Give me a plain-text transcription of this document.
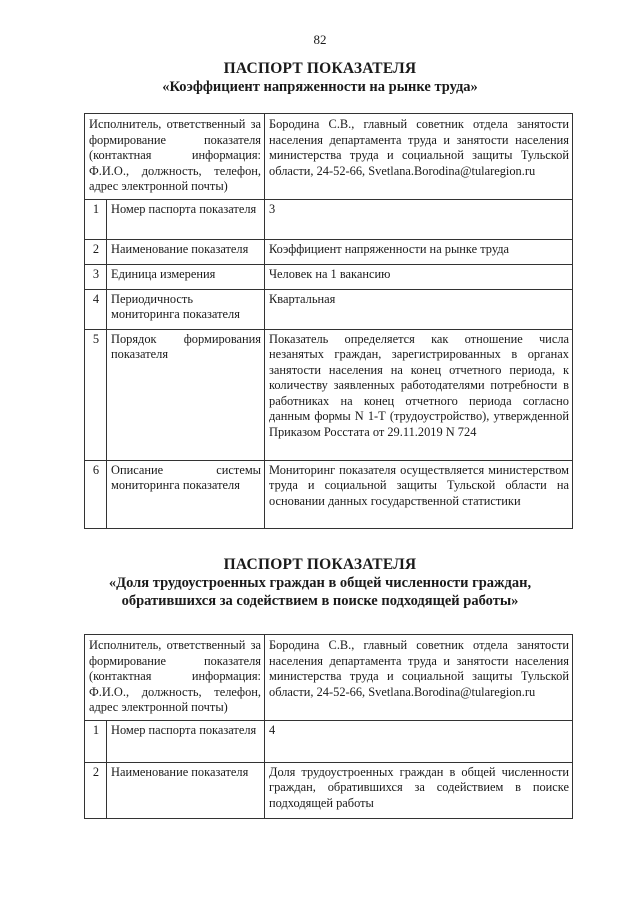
82
ПАСПОРТ ПОКАЗАТЕЛЯ
«Коэффициент напряженности на рынке труда»
Исполнитель, ответственный за формирование показателя (контактная информация: Ф.И.О., должность, телефон, адрес электронной почты)		Бородина С.В., главный советник отдела занятости населения департамента труда и занятости населения министерства труда и социальной защиты Тульской области, 24-52-66, Svetlana.Borodina@tularegion.ru
1	Номер паспорта показателя	3
2	Наименование показателя	Коэффициент напряженности на рынке труда
3	Единица измерения	Человек на 1 вакансию
4	Периодичность мониторинга показателя	Квартальная
5	Порядок формирования показателя	Показатель определяется как отношение числа незанятых граждан, зарегистрированных в органах занятости населения на конец отчетного периода, к количеству заявленных работодателями потребности в работниках на конец отчетного периода согласно данным формы N 1-Т (трудоустройство), утвержденной Приказом Росстата от 29.11.2019 N 724
6	Описание системы мониторинга показателя	Мониторинг показателя осуществляется министерством труда и социальной защиты Тульской области на основании данных государственной статистики
ПАСПОРТ ПОКАЗАТЕЛЯ
«Доля трудоустроенных граждан в общей численности граждан,
обратившихся за содействием в поиске подходящей работы»
Исполнитель, ответственный за формирование показателя (контактная информация: Ф.И.О., должность, телефон, адрес электронной почты)		Бородина С.В., главный советник отдела занятости населения департамента труда и занятости населения министерства труда и социальной защиты Тульской области, 24-52-66, Svetlana.Borodina@tularegion.ru
1	Номер паспорта показателя	4
2	Наименование показателя	Доля трудоустроенных граждан в общей численности граждан, обратившихся за содействием в поиске подходящей работы
